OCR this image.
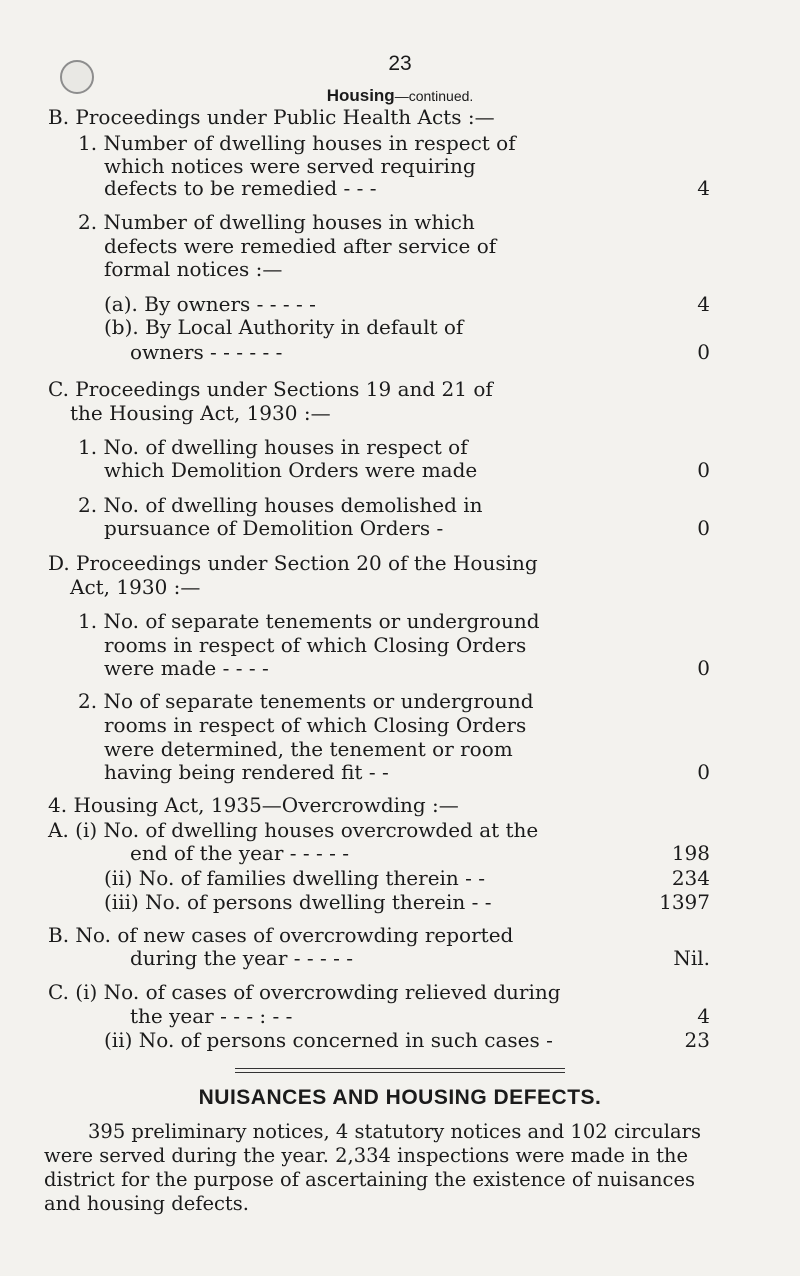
23
Housing—continued.
B. Proceedings under Public Health Acts :—
1. Number of dwelling houses in respect of
which notices were served requiring
defects to be remedied - - -	4
2. Number of dwelling houses in which
defects were remedied after service of
formal notices :—
(a). By owners - - - - -	4
(b). By Local Authority in default of
owners - - - - - -	0
C. Proceedings under Sections 19 and 21 of
the Housing Act, 1930 :—
1. No. of dwelling houses in respect of
which Demolition Orders were made	0
2. No. of dwelling houses demolished in
pursuance of Demolition Orders -	0
D. Proceedings under Section 20 of the Housing
Act, 1930 :—
1. No. of separate tenements or underground
rooms in respect of which Closing Orders
were made - - - -	0
2. No of separate tenements or underground
rooms in respect of which Closing Orders
were determined, the tenement or room
having being rendered fit - -	0
4. Housing Act, 1935—Overcrowding :—
A. (i) No. of dwelling houses overcrowded at the
end of the year - - - - -	198
(ii) No. of families dwelling therein - -	234
(iii) No. of persons dwelling therein - -	1397
B. No. of new cases of overcrowding reported
during the year - - - - -	Nil.
C. (i) No. of cases of overcrowding relieved during
the year - - - : - -	4
(ii) No. of persons concerned in such cases -	23
NUISANCES AND HOUSING DEFECTS.
395 preliminary notices, 4 statutory notices and 102 circulars
were served during the year. 2,334 inspections were made in the
district for the purpose of ascertaining the existence of nuisances
and housing defects.
